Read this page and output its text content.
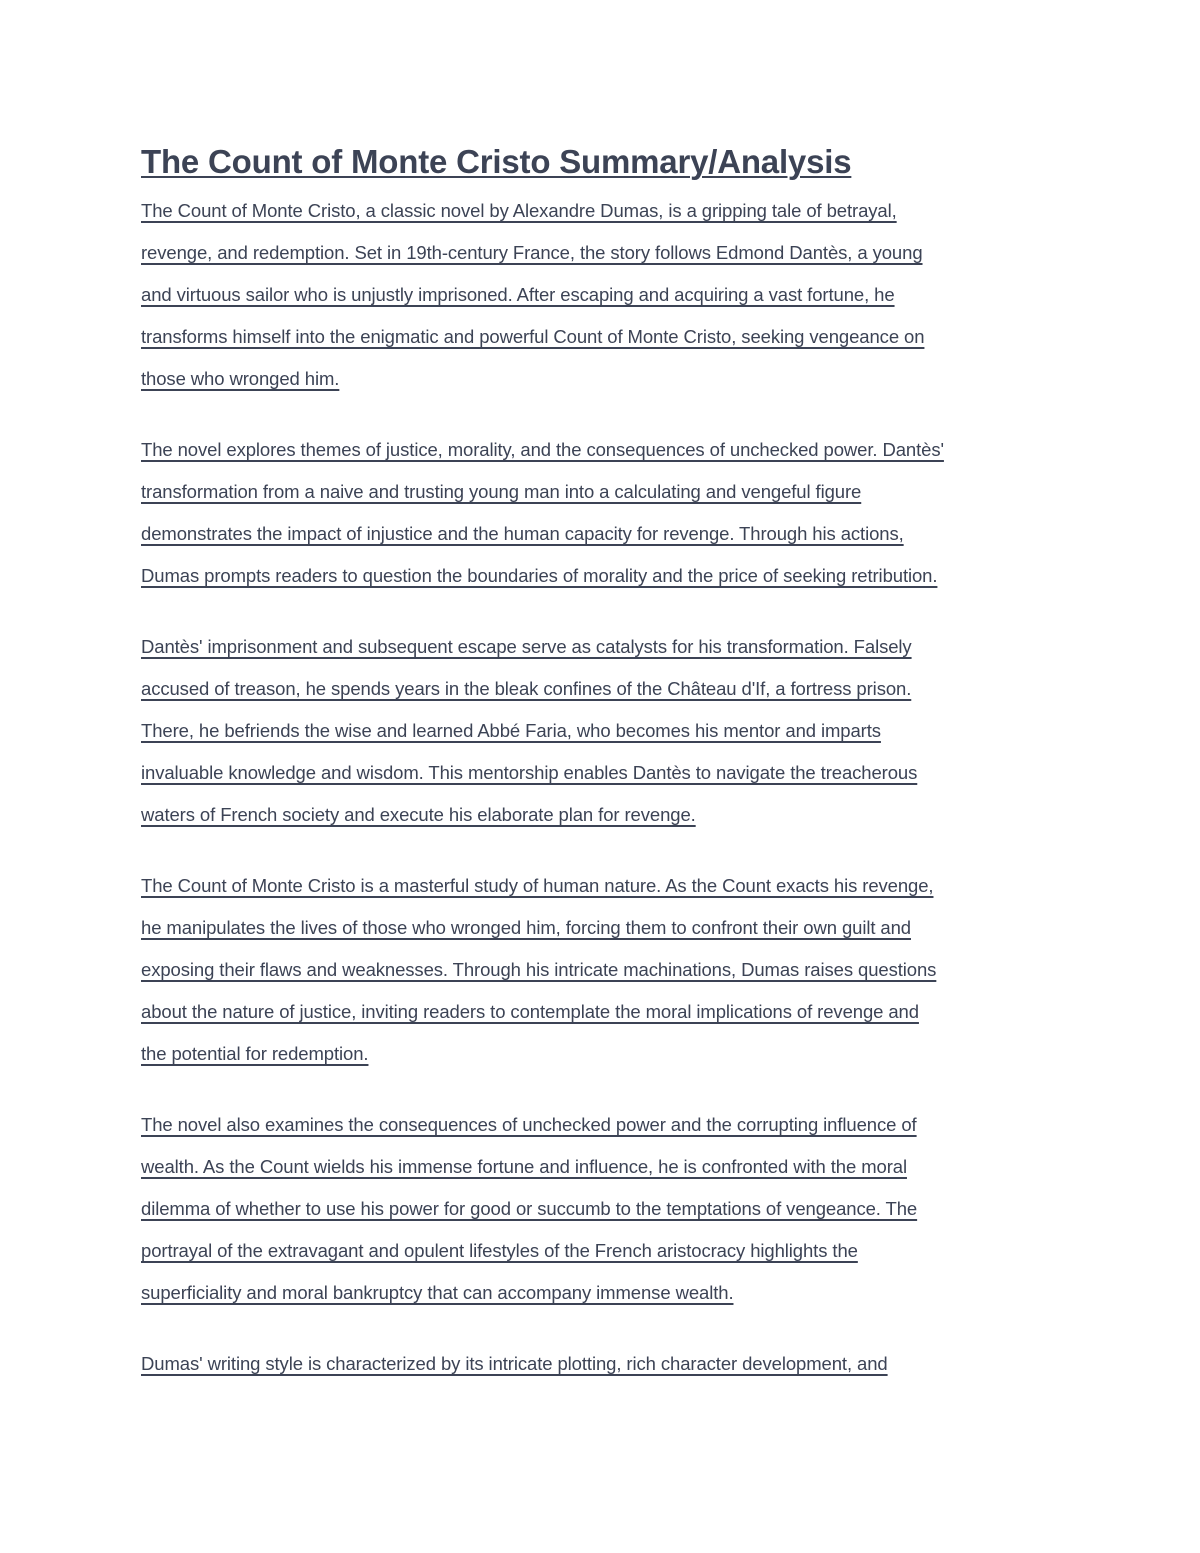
The Count of Monte Cristo Summary/Analysis
The Count of Monte Cristo, a classic novel by Alexandre Dumas, is a gripping tale of betrayal,
revenge, and redemption. Set in 19th-century France, the story follows Edmond Dantès, a young
and virtuous sailor who is unjustly imprisoned. After escaping and acquiring a vast fortune, he
transforms himself into the enigmatic and powerful Count of Monte Cristo, seeking vengeance on
those who wronged him.
The novel explores themes of justice, morality, and the consequences of unchecked power. Dantès'
transformation from a naive and trusting young man into a calculating and vengeful figure
demonstrates the impact of injustice and the human capacity for revenge. Through his actions,
Dumas prompts readers to question the boundaries of morality and the price of seeking retribution.
Dantès' imprisonment and subsequent escape serve as catalysts for his transformation. Falsely
accused of treason, he spends years in the bleak confines of the Château d'If, a fortress prison.
There, he befriends the wise and learned Abbé Faria, who becomes his mentor and imparts
invaluable knowledge and wisdom. This mentorship enables Dantès to navigate the treacherous
waters of French society and execute his elaborate plan for revenge.
The Count of Monte Cristo is a masterful study of human nature. As the Count exacts his revenge,
he manipulates the lives of those who wronged him, forcing them to confront their own guilt and
exposing their flaws and weaknesses. Through his intricate machinations, Dumas raises questions
about the nature of justice, inviting readers to contemplate the moral implications of revenge and
the potential for redemption.
The novel also examines the consequences of unchecked power and the corrupting influence of
wealth. As the Count wields his immense fortune and influence, he is confronted with the moral
dilemma of whether to use his power for good or succumb to the temptations of vengeance. The
portrayal of the extravagant and opulent lifestyles of the French aristocracy highlights the
superficiality and moral bankruptcy that can accompany immense wealth.
Dumas' writing style is characterized by its intricate plotting, rich character development, and
